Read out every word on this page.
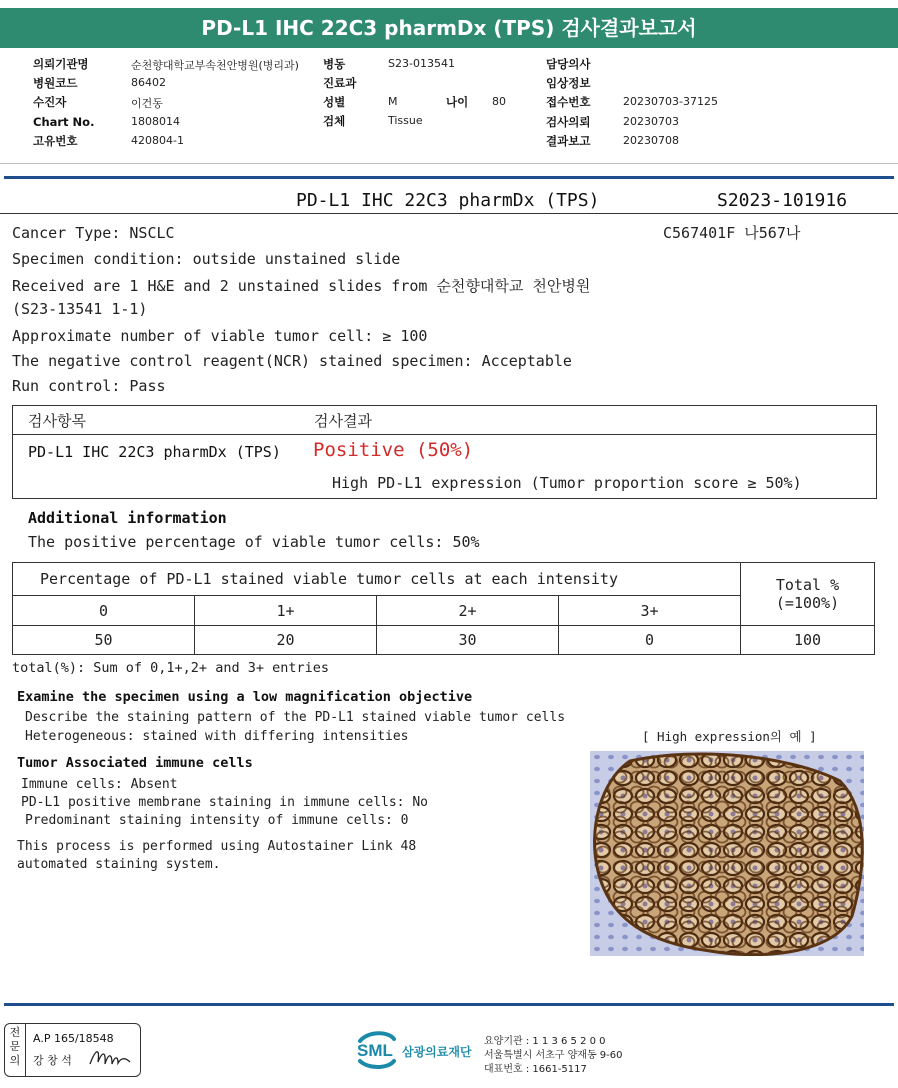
PD-L1 IHC 22C3 pharmDx (TPS) 검사결과보고서
의뢰기관명	순천향대학교부속천안병원(병리과) 병동	S23-013541	담당의사
병원코드	86402	진료과	임상정보
수진자	이건동	성별	M	나이 80	접수번호	20230703-37125
Chart No.	1808014	검체	Tissue	검사의뢰	20230703
고유번호	420804-1	결과보고	20230708
PD-L1 IHC 22C3 pharmDx (TPS)	S2023-101916
Cancer Type: NSCLC	C567401F 나567나
Specimen condition: outside unstained slide
Received are 1 H&E and 2 unstained slides from 순천향대학교 천안병원
(S23-13541 1-1)
Approximate number of viable tumor cell: ≥ 100
The negative control reagent(NCR) stained specimen: Acceptable
Run control: Pass
검사항목	검사결과
PD-L1 IHC 22C3 pharmDx (TPS) Positive (50%)
High PD-L1 expression (Tumor proportion score ≥ 50%)
Additional information
The positive percentage of viable tumor cells: 50%
Percentage of PD-L1 stained viable tumor cells at each intensity				Total %
(=100%)

0	1+	2+	3+	
50	20	30	0	100
total(%): Sum of 0,1+,2+ and 3+ entries
Examine the specimen using a low magnification objective
Describe the staining pattern of the PD-L1 stained viable tumor cells
Heterogeneous: stained with differing intensities
Tumor Associated immune cells
Immune cells: Absent
PD-L1 positive membrane staining in immune cells: No
Predominant staining intensity of immune cells: 0
This process is performed using Autostainer Link 48
automated staining system.
[ High expression의 예 ]
전문의
A.P 165/18548
강 창 석
SML 삼광의료재단
요양기관 : 1 1 3 6 5 2 0 0
서울특별시 서초구 양재동 9-60
대표번호 : 1661-5117
